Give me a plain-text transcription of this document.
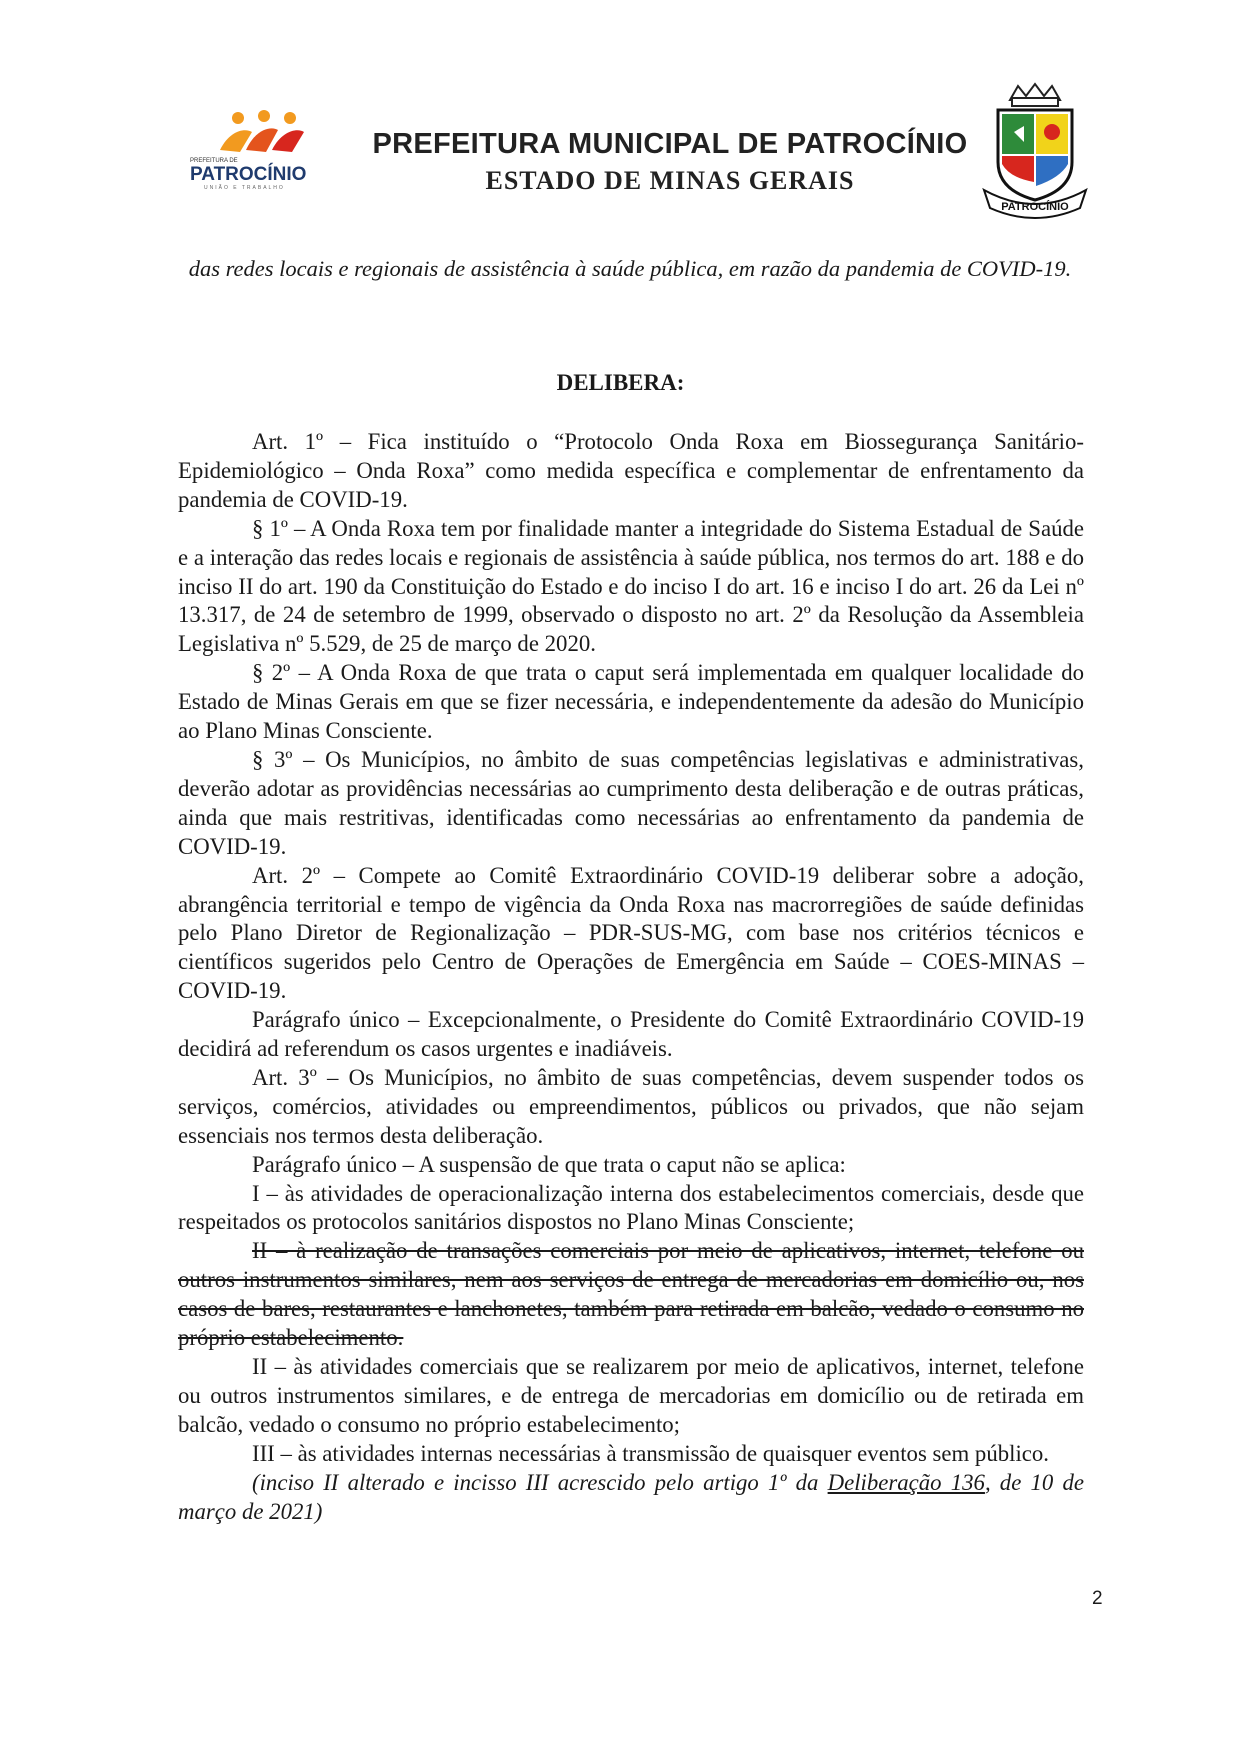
PREFEITURA DE
PATROCÍNIO
UNIÃO E TRABALHO
PREFEITURA MUNICIPAL DE PATROCÍNIO
ESTADO DE MINAS GERAIS
PATROCÍNIO
das redes locais e regionais de assistência à saúde pública, em razão da pandemia de COVID-19.
DELIBERA:

Art. 1º – Fica instituído o “Protocolo Onda Roxa em Biossegurança Sanitário-Epidemiológico – Onda Roxa” como medida específica e complementar de enfrentamento da pandemia de COVID-19.

§ 1º – A Onda Roxa tem por finalidade manter a integridade do Sistema Estadual de Saúde e a interação das redes locais e regionais de assistência à saúde pública, nos termos do art. 188 e do inciso II do art. 190 da Constituição do Estado e do inciso I do art. 16 e inciso I do art. 26 da Lei nº 13.317, de 24 de setembro de 1999, observado o disposto no art. 2º da Resolução da Assembleia Legislativa nº 5.529, de 25 de março de 2020.

§ 2º – A Onda Roxa de que trata o caput será implementada em qualquer localidade do Estado de Minas Gerais em que se fizer necessária, e independentemente da adesão do Município ao Plano Minas Consciente.

§ 3º – Os Municípios, no âmbito de suas competências legislativas e administrativas, deverão adotar as providências necessárias ao cumprimento desta deliberação e de outras práticas, ainda que mais restritivas, identificadas como necessárias ao enfrentamento da pandemia de COVID-19.

Art. 2º – Compete ao Comitê Extraordinário COVID-19 deliberar sobre a adoção, abrangência territorial e tempo de vigência da Onda Roxa nas macrorregiões de saúde definidas pelo Plano Diretor de Regionalização – PDR-SUS-MG, com base nos critérios técnicos e científicos sugeridos pelo Centro de Operações de Emergência em Saúde – COES-MINAS – COVID-19.

Parágrafo único – Excepcionalmente, o Presidente do Comitê Extraordinário COVID-19 decidirá ad referendum os casos urgentes e inadiáveis.

Art. 3º – Os Municípios, no âmbito de suas competências, devem suspender todos os serviços, comércios, atividades ou empreendimentos, públicos ou privados, que não sejam essenciais nos termos desta deliberação.

Parágrafo único – A suspensão de que trata o caput não se aplica:

I – às atividades de operacionalização interna dos estabelecimentos comerciais, desde que respeitados os protocolos sanitários dispostos no Plano Minas Consciente;

II – à realização de transações comerciais por meio de aplicativos, internet, telefone ou outros instrumentos similares, nem aos serviços de entrega de mercadorias em domicílio ou, nos casos de bares, restaurantes e lanchonetes, também para retirada em balcão, vedado o consumo no próprio estabelecimento.

II – às atividades comerciais que se realizarem por meio de aplicativos, internet, telefone ou outros instrumentos similares, e de entrega de mercadorias em domicílio ou de retirada em balcão, vedado o consumo no próprio estabelecimento;

III – às atividades internas necessárias à transmissão de quaisquer eventos sem público.

(inciso II alterado e incisso III acrescido pelo artigo 1º da Deliberação 136, de 10 de março de 2021)

2
